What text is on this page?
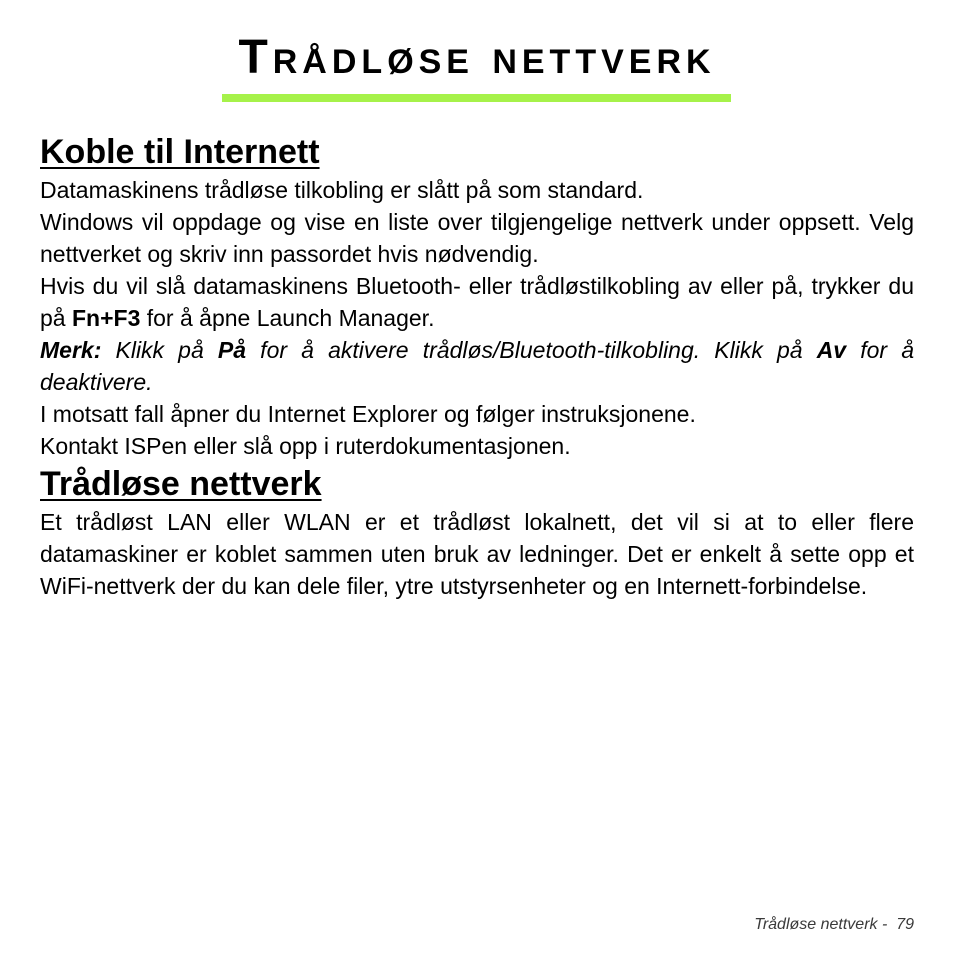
Trådløse nettverk
Koble til Internett

Datamaskinens trådløse tilkobling er slått på som standard.

Windows vil oppdage og vise en liste over tilgjengelige nettverk under oppsett. Velg nettverket og skriv inn passordet hvis nødvendig.

Hvis du vil slå datamaskinens Bluetooth- eller trådløstilkobling av eller på, trykker du på Fn+F3 for å åpne Launch Manager.

Merk: Klikk på På for å aktivere trådløs/Bluetooth-tilkobling. Klikk på Av for å deaktivere.

I motsatt fall åpner du Internet Explorer og følger instruksjonene.

Kontakt ISPen eller slå opp i ruterdokumentasjonen.

Trådløse nettverk

Et trådløst LAN eller WLAN er et trådløst lokalnett, det vil si at to eller flere datamaskiner er koblet sammen uten bruk av ledninger. Det er enkelt å sette opp et WiFi-nettverk der du kan dele filer, ytre utstyrsenheter og en Internett-forbindelse.

Trådløse nettverk -  79
